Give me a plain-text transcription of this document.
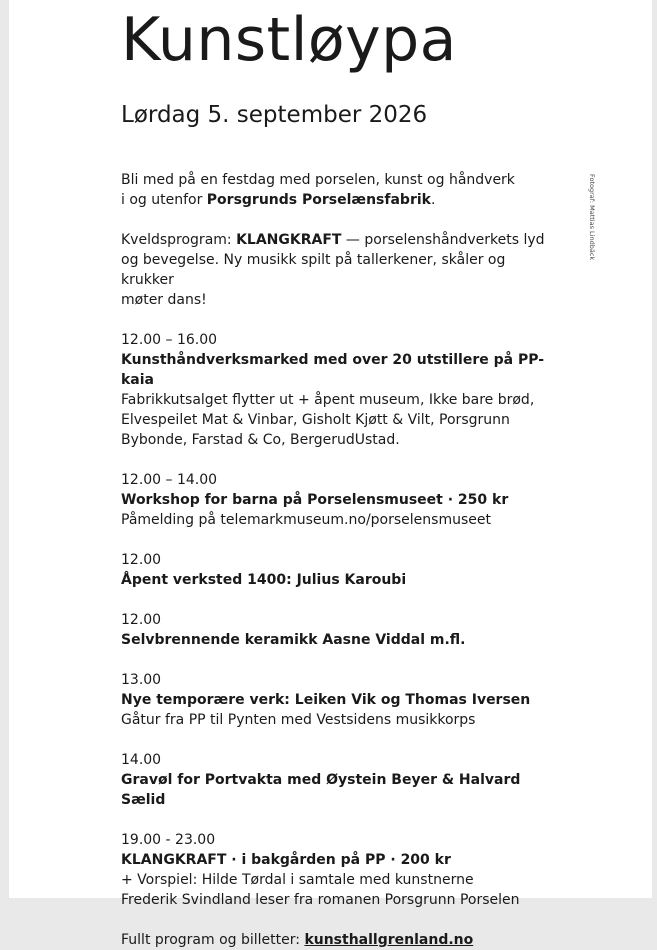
Kunstløypa
Lørdag 5. september 2026
Fotograf: Mattias Lindbäck

Bli med på en festdag med porselen, kunst og håndverk

i og utenfor Porsgrunds Porselænsfabrik.

Kveldsprogram: KLANGKRAFT — porselenshåndverkets lyd

og bevegelse. Ny musikk spilt på tallerkener, skåler og krukker

møter dans!

12.00 – 16.00

Kunsthåndverksmarked med over 20 utstillere på PP-kaia

Fabrikkutsalget flytter ut + åpent museum, Ikke bare brød,

Elvespeilet Mat & Vinbar, Gisholt Kjøtt & Vilt, Porsgrunn

Bybonde, Farstad & Co, BergerudUstad.

12.00 – 14.00

Workshop for barna på Porselensmuseet · 250 kr

Påmelding på telemarkmuseum.no/porselensmuseet

12.00

Åpent verksted 1400: Julius Karoubi

12.00

Selvbrennende keramikk Aasne Viddal m.fl.

13.00

Nye temporære verk: Leiken Vik og Thomas Iversen

Gåtur fra PP til Pynten med Vestsidens musikkorps

14.00

Gravøl for Portvakta med Øystein Beyer & Halvard Sælid

19.00 - 23.00

KLANGKRAFT · i bakgården på PP · 200 kr

+ Vorspiel: Hilde Tørdal i samtale med kunstnerne

Frederik Svindland leser fra romanen Porsgrunn Porselen

Fullt program og billetter: kunsthallgrenland.no
